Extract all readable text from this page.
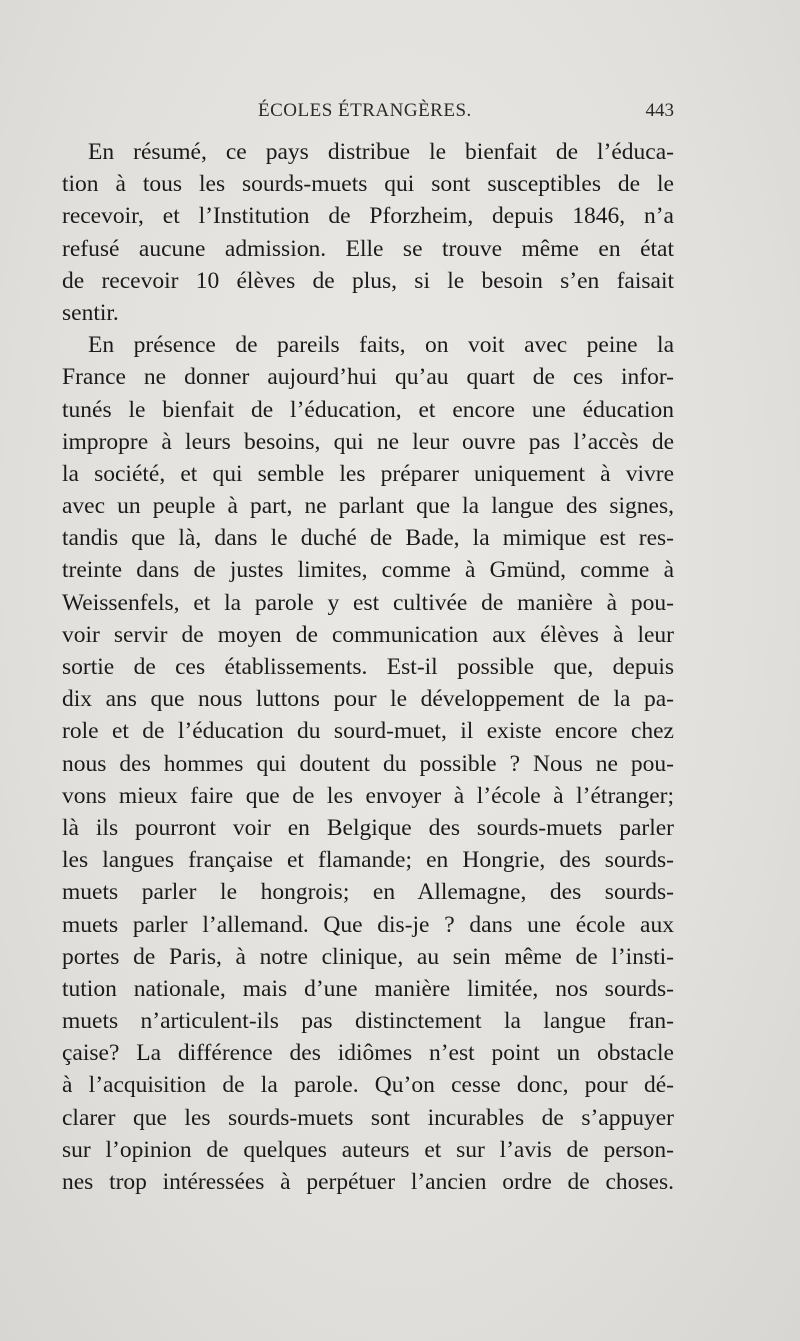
ÉCOLES ÉTRANGÈRES.	443
En résumé, ce pays distribue le bienfait de l’éduca-
tion à tous les sourds-muets qui sont susceptibles de le
recevoir, et l’Institution de Pforzheim, depuis 1846, n’a
refusé aucune admission. Elle se trouve même en état
de recevoir 10 élèves de plus, si le besoin s’en faisait
sentir.
En présence de pareils faits, on voit avec peine la
France ne donner aujourd’hui qu’au quart de ces infor-
tunés le bienfait de l’éducation, et encore une éducation
impropre à leurs besoins, qui ne leur ouvre pas l’accès de
la société, et qui semble les préparer uniquement à vivre
avec un peuple à part, ne parlant que la langue des signes,
tandis que là, dans le duché de Bade, la mimique est res-
treinte dans de justes limites, comme à Gmünd, comme à
Weissenfels, et la parole y est cultivée de manière à pou-
voir servir de moyen de communication aux élèves à leur
sortie de ces établissements. Est-il possible que, depuis
dix ans que nous luttons pour le développement de la pa-
role et de l’éducation du sourd-muet, il existe encore chez
nous des hommes qui doutent du possible ? Nous ne pou-
vons mieux faire que de les envoyer à l’école à l’étranger;
là ils pourront voir en Belgique des sourds-muets parler
les langues française et flamande; en Hongrie, des sourds-
muets parler le hongrois; en Allemagne, des sourds-
muets parler l’allemand. Que dis-je ? dans une école aux
portes de Paris, à notre clinique, au sein même de l’insti-
tution nationale, mais d’une manière limitée, nos sourds-
muets n’articulent-ils pas distinctement la langue fran-
çaise? La différence des idiômes n’est point un obstacle
à l’acquisition de la parole. Qu’on cesse donc, pour dé-
clarer que les sourds-muets sont incurables de s’appuyer
sur l’opinion de quelques auteurs et sur l’avis de person-
nes trop intéressées à perpétuer l’ancien ordre de choses.
